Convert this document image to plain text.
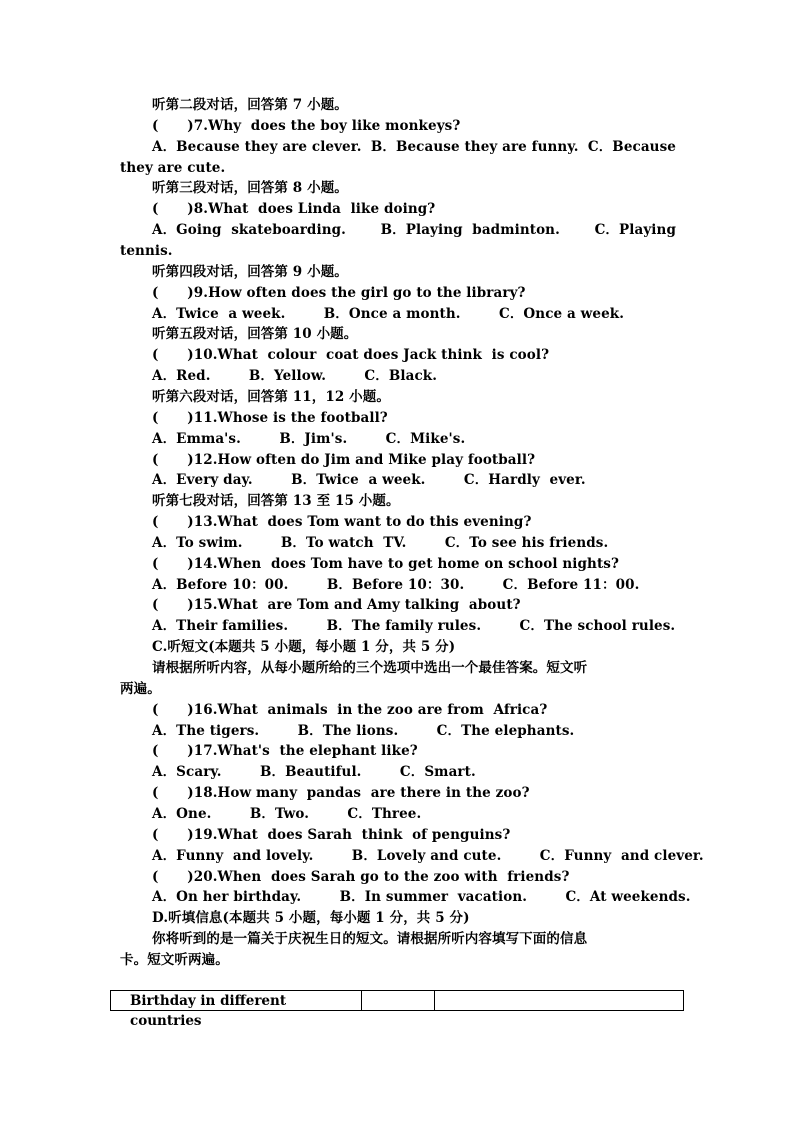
听第二段对话，回答第 7 小题。
(      )7.Why  does the boy like monkeys?
A．Because they are clever. B．Because they are funny. C．Because
they are cute.
听第三段对话，回答第 8 小题。
(      )8.What  does Linda  like doing?
A．Going  skateboarding.	B．Playing  badminton.	C．Playing
tennis.
听第四段对话，回答第 9 小题。
(      )9.How often does the girl go to the library?
A．Twice  a week.        B．Once a month.        C．Once a week.
听第五段对话，回答第 10 小题。
(      )10.What  colour  coat does Jack think  is cool?
A．Red.        B．Yellow.        C．Black.
听第六段对话，回答第 11，12 小题。
(      )11.Whose is the football?
A．Emma's.        B．Jim's.        C．Mike's.
(      )12.How often do Jim and Mike play football?
A．Every day.        B．Twice  a week.        C．Hardly  ever.
听第七段对话，回答第 13 至 15 小题。
(      )13.What  does Tom want to do this evening?
A．To swim.        B．To watch  TV.        C．To see his friends.
(      )14.When  does Tom have to get home on school nights?
A．Before 10：00.        B．Before 10：30.        C．Before 11：00.
(      )15.What  are Tom and Amy talking  about?
A．Their families.        B．The family rules.        C．The school rules.
C.听短文(本题共 5 小题，每小题 1 分，共 5 分)
请根据所听内容，从每小题所给的三个选项中选出一个最佳答案。短文听
两遍。
(      )16.What  animals  in the zoo are from  Africa?
A．The tigers.        B．The lions.        C．The elephants.
(      )17.What's  the elephant like?
A．Scary.        B．Beautiful.        C．Smart.
(      )18.How many  pandas  are there in the zoo?
A．One.        B．Two.        C．Three.
(      )19.What  does Sarah  think  of penguins?
A．Funny  and lovely.        B．Lovely and cute.        C．Funny  and clever.
(      )20.When  does Sarah go to the zoo with  friends?
A．On her birthday.        B．In summer  vacation.        C．At weekends.
D.听填信息(本题共 5 小题，每小题 1 分，共 5 分)
你将听到的是一篇关于庆祝生日的短文。请根据所听内容填写下面的信息
卡。短文听两遍。
Birthday in different countries
